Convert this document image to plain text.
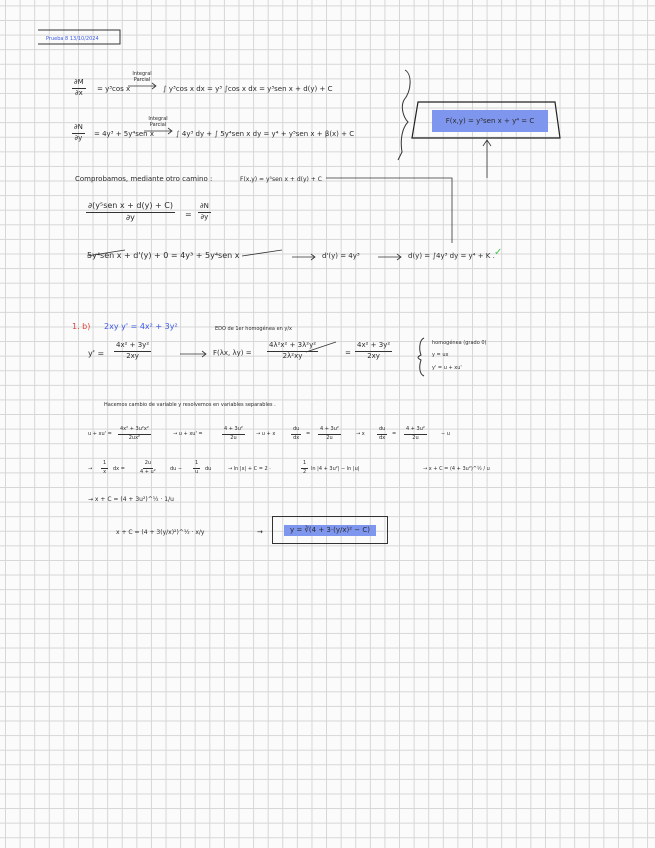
Prueba 8 13/10/2024
$\frac{\partial M}{\partial x} = y^3\cos$ x
Integral Parcial
∫ y³cos x dx = y³ ∫cos x dx = y³sen x + d(y) + C
$\frac{\partial N}{\partial y} = 4y^3 + 5y^4sen$ x
Integral Parcial
∫ 4y³ dy + ∫ 5y⁴sen x dy = y⁴ + y⁵sen x + β(x) + C
F(x,y) = y⁵sen x + y⁴ = C
Comprobamos, mediante otro camino :	F(x,y) = y⁵sen x + d(y) + C
∂(y⁵sen x + d(y) + C)
∂y	= $\frac{\partial N}{\partial y}$
5y⁴sen x + d'(y) + 0 = 4y³ + 5y⁴sen x	d'(y) = 4y³	d(y) = ∫4y³ dy = y⁴ + K . ✓
1. b) 2xy y' = 4x² + 3y²	EDO de 1er homogénea en y/x
$y' = \frac{\text{4x² + 3y²}}{2xy}$	F(λx, $\lambda y) = \frac{\text{4λ²x² + 3λ²y²}}{\text{2λ²xy}}$	= $\frac{\text{4x² + 3y²}}{2xy}$	homogénea (grado 0)
y = ux
y' = u + xu'
Hacemos cambio de variable y resolvemos en variables separables .
$u + xu' = \frac{\text{4x² + 3u²x²}}{\text{2ux²}}$	→ u + xu' =	$\frac{\text{4 + 3u²}}{2u} \to u + x$	$\frac{du}{dx} = \frac{\text{4 + 3u²}}{2u}$	→ x $\frac{du}{dx} = \frac{\text{4 + 3u²}}{2u}$	− u
→ $\frac{1}{x}$ dx =	$\frac{2u}{\text{4 + u²}}$ du − $\frac{1}{u}$ du	→ ln |x| + C = 2 ·	$\frac{1}{2}$ ln |4 + 3u²| − ln |u|	→ x + C = (4 + 3u²)^½ / u
→ x + C = (4 + 3u²)^½ · 1/u
x + C = (4 + 3(y/x)²)^½ · x/y	→	y = ∛(4 + 3·(y/x)² − C)
